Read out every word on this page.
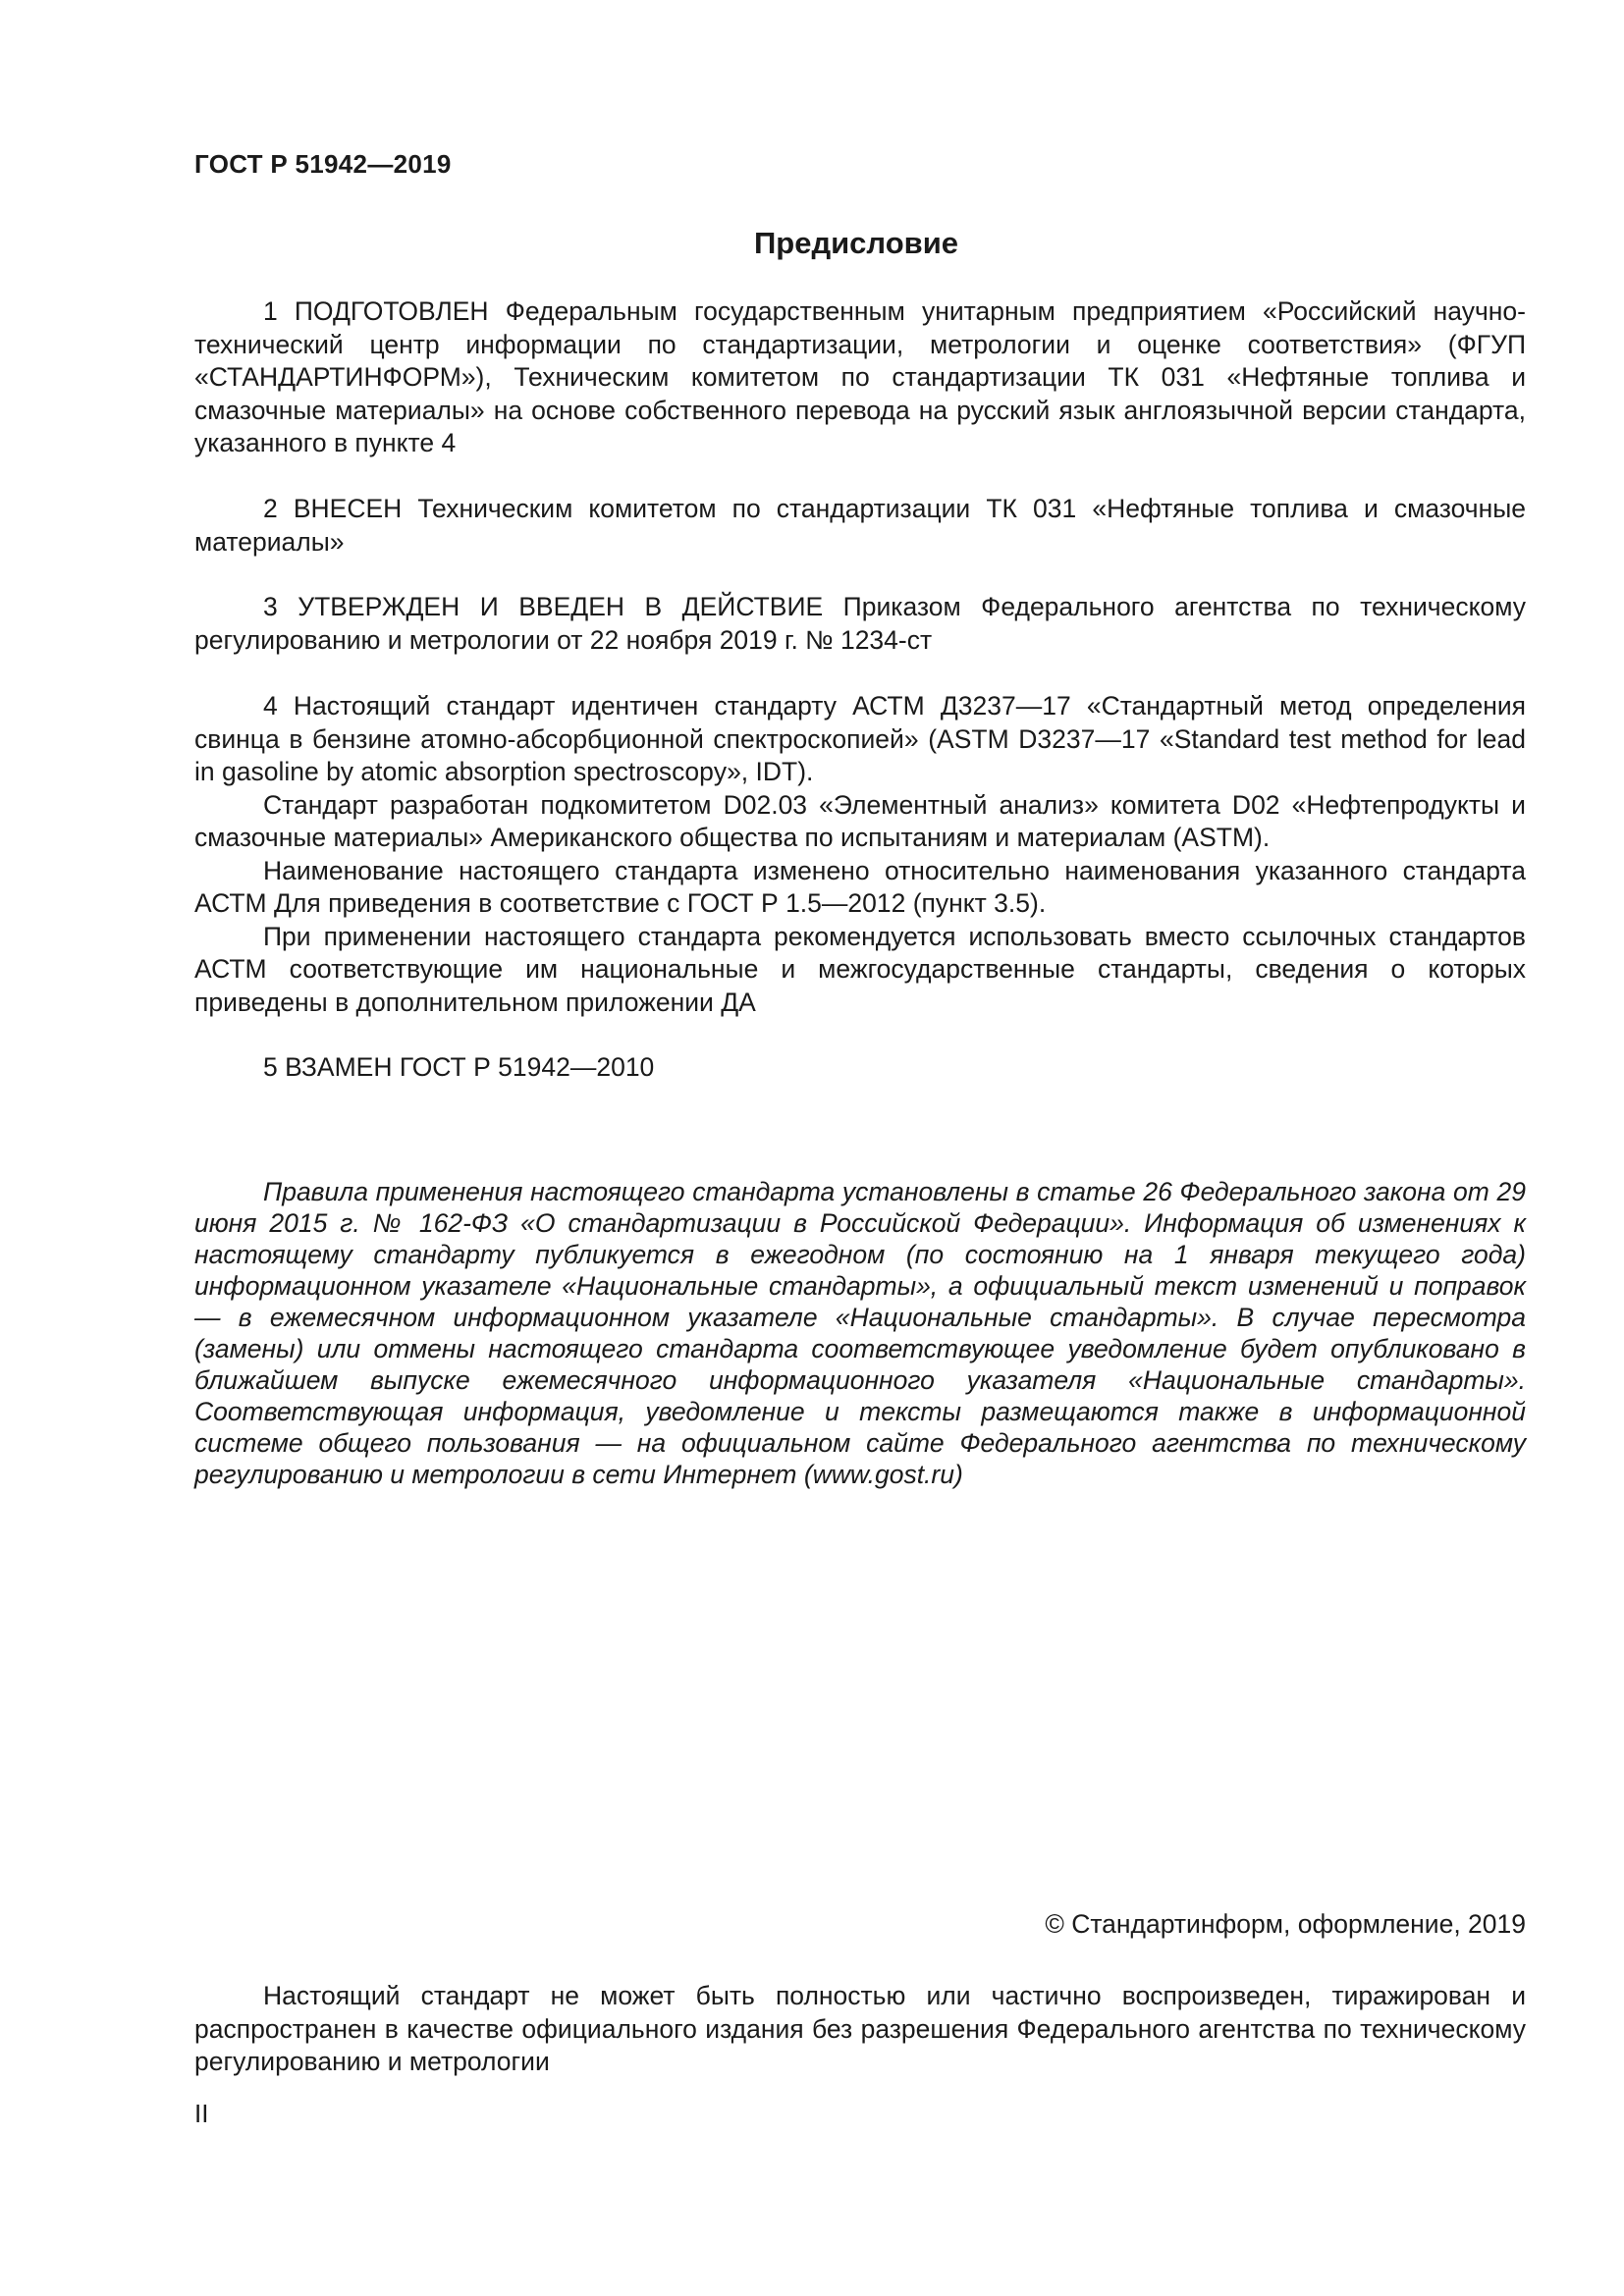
ГОСТ Р 51942—2019
Предисловие

1 ПОДГОТОВЛЕН Федеральным государственным унитарным предприятием «Российский научно-технический центр информации по стандартизации, метрологии и оценке соответствия» (ФГУП «СТАНДАРТИНФОРМ»), Техническим комитетом по стандартизации ТК 031 «Нефтяные топлива и смазочные материалы» на основе собственного перевода на русский язык англоязычной версии стандарта, указанного в пункте 4

2 ВНЕСЕН Техническим комитетом по стандартизации ТК 031 «Нефтяные топлива и смазочные материалы»

3 УТВЕРЖДЕН И ВВЕДЕН В ДЕЙСТВИЕ Приказом Федерального агентства по техническому регулированию и метрологии от 22 ноября 2019 г. № 1234-ст

4 Настоящий стандарт идентичен стандарту АСТМ Д3237—17 «Стандартный метод определения свинца в бензине атомно-абсорбционной спектроскопией» (ASTM D3237—17 «Standard test method for lead in gasoline by atomic absorption spectroscopy», IDT).

Стандарт разработан подкомитетом D02.03 «Элементный анализ» комитета D02 «Нефтепродукты и смазочные материалы» Американского общества по испытаниям и материалам (ASTM).

Наименование настоящего стандарта изменено относительно наименования указанного стандарта АСТМ Для приведения в соответствие с ГОСТ Р 1.5—2012 (пункт 3.5).

При применении настоящего стандарта рекомендуется использовать вместо ссылочных стандартов АСТМ соответствующие им национальные и межгосударственные стандарты, сведения о которых приведены в дополнительном приложении ДА

5 ВЗАМЕН ГОСТ Р 51942—2010

Правила применения настоящего стандарта установлены в статье 26 Федерального закона от 29 июня 2015 г. № 162-ФЗ «О стандартизации в Российской Федерации». Информация об изменениях к настоящему стандарту публикуется в ежегодном (по состоянию на 1 января текущего года) информационном указателе «Национальные стандарты», а официальный текст изменений и поправок — в ежемесячном информационном указателе «Национальные стандарты». В случае пересмотра (замены) или отмены настоящего стандарта соответствующее уведомление будет опубликовано в ближайшем выпуске ежемесячного информационного указателя «Национальные стандарты». Соответствующая информация, уведомление и тексты размещаются также в информационной системе общего пользования — на официальном сайте Федерального агентства по техническому регулированию и метрологии в сети Интернет (www.gost.ru)
© Стандартинформ, оформление, 2019
Настоящий стандарт не может быть полностью или частично воспроизведен, тиражирован и распространен в качестве официального издания без разрешения Федерального агентства по техническому регулированию и метрологии
II
